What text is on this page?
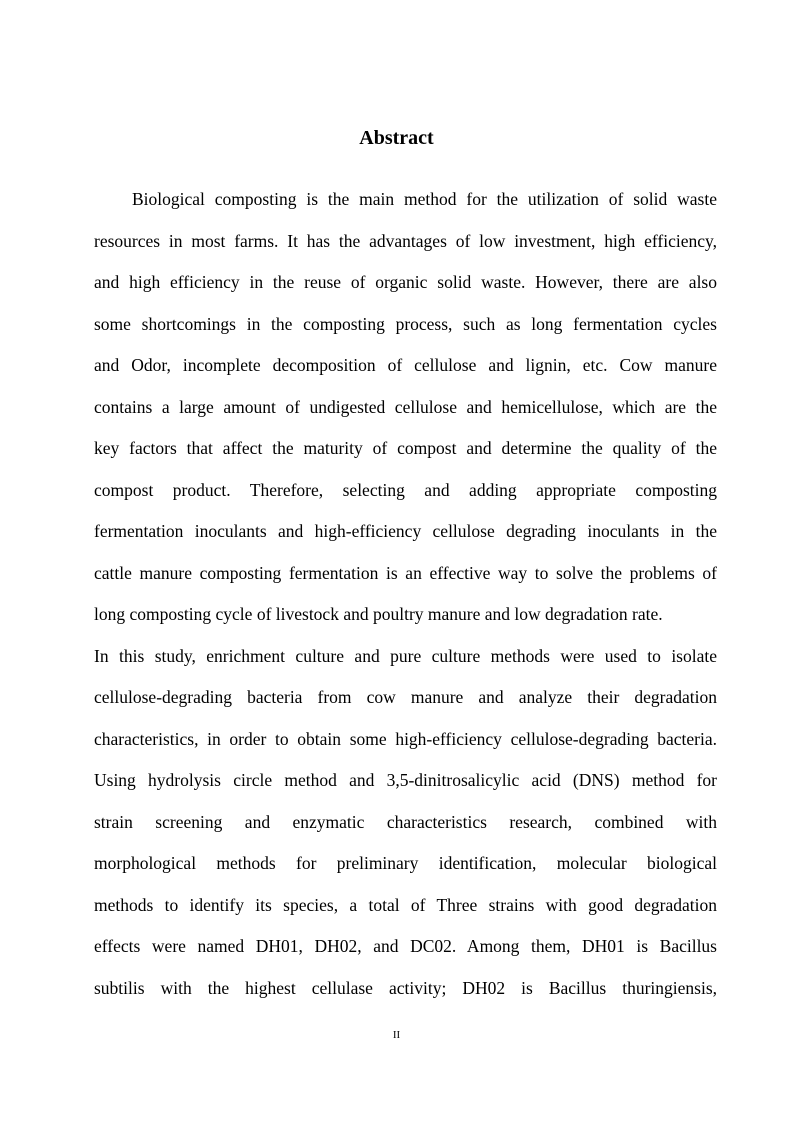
Abstract
Biological composting is the main method for the utilization of solid waste
resources in most farms. It has the advantages of low investment, high efficiency,
and high efficiency in the reuse of organic solid waste. However, there are also
some shortcomings in the composting process, such as long fermentation cycles
and Odor, incomplete decomposition of cellulose and lignin, etc. Cow manure
contains a large amount of undigested cellulose and hemicellulose, which are the
key factors that affect the maturity of compost and determine the quality of the
compost product. Therefore, selecting and adding appropriate composting
fermentation inoculants and high-efficiency cellulose degrading inoculants in the
cattle manure composting fermentation is an effective way to solve the problems of
long composting cycle of livestock and poultry manure and low degradation rate.
In this study, enrichment culture and pure culture methods were used to isolate
cellulose-degrading bacteria from cow manure and analyze their degradation
characteristics, in order to obtain some high-efficiency cellulose-degrading bacteria.
Using hydrolysis circle method and 3,5-dinitrosalicylic acid (DNS) method for
strain screening and enzymatic characteristics research, combined with
morphological methods for preliminary identification, molecular biological
methods to identify its species, a total of Three strains with good degradation
effects were named DH01, DH02, and DC02. Among them, DH01 is Bacillus
subtilis with the highest cellulase activity; DH02 is Bacillus thuringiensis,
II
